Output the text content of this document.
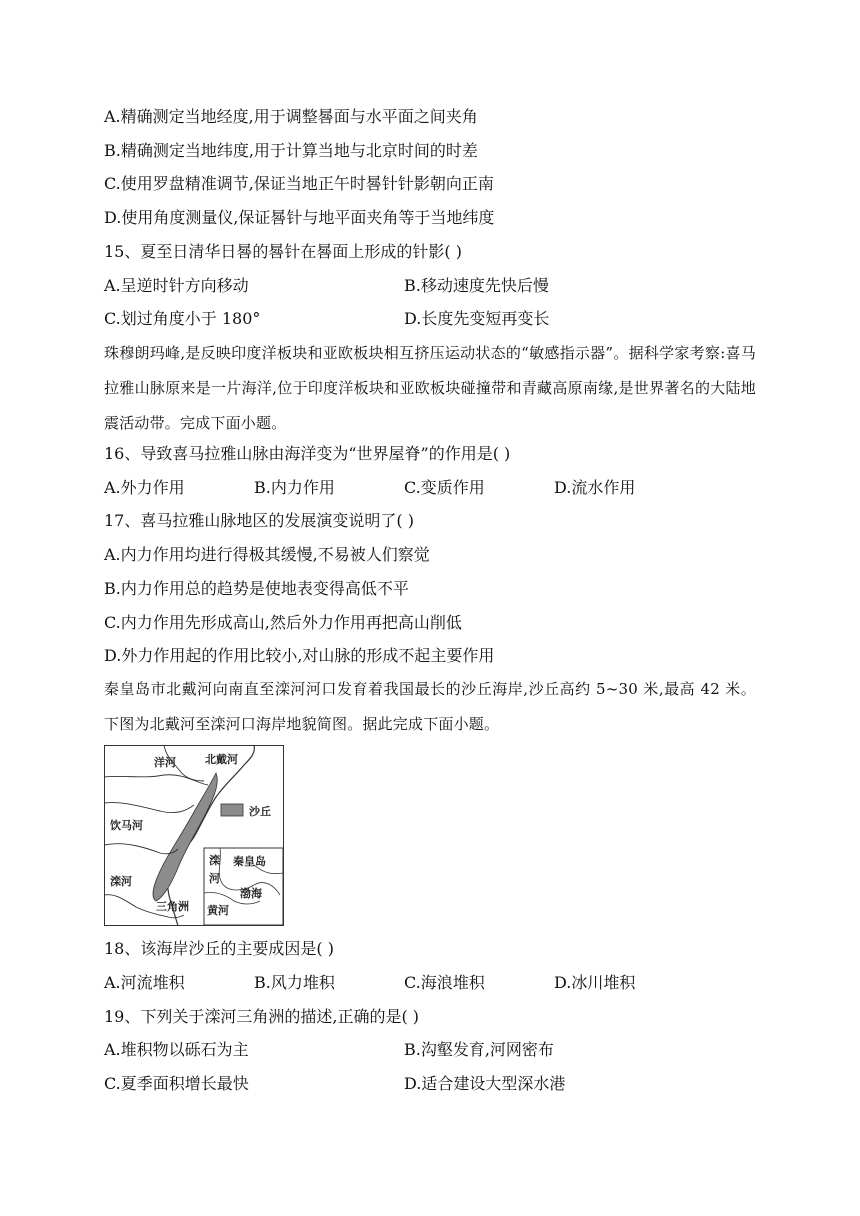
A.精确测定当地经度,用于调整晷面与水平面之间夹角
B.精确测定当地纬度,用于计算当地与北京时间的时差
C.使用罗盘精准调节,保证当地正午时晷针针影朝向正南
D.使用角度测量仪,保证晷针与地平面夹角等于当地纬度
15、夏至日清华日晷的晷针在晷面上形成的针影( )
A.呈逆时针方向移动	B.移动速度先快后慢
C.划过角度小于 180°	D.长度先变短再变长
珠穆朗玛峰,是反映印度洋板块和亚欧板块相互挤压运动状态的“敏感指示器”。据科学家考察:喜马拉雅山脉原来是一片海洋,位于印度洋板块和亚欧板块碰撞带和青藏高原南缘,是世界著名的大陆地震活动带。完成下面小题。
16、导致喜马拉雅山脉由海洋变为“世界屋脊”的作用是( )
A.外力作用	B.内力作用	C.变质作用	D.流水作用
17、喜马拉雅山脉地区的发展演变说明了( )
A.内力作用均进行得极其缓慢,不易被人们察觉
B.内力作用总的趋势是使地表变得高低不平
C.内力作用先形成高山,然后外力作用再把高山削低
D.外力作用起的作用比较小,对山脉的形成不起主要作用
秦皇岛市北戴河向南直至滦河河口发育着我国最长的沙丘海岸,沙丘高约 5~30 米,最高 42 米。下图为北戴河至滦河口海岸地貌简图。据此完成下面小题。
沙丘
洋河	北戴河
饮马河
滦河
三角洲
滦
河
秦皇岛
渤海
黄河
18、该海岸沙丘的主要成因是( )
A.河流堆积	B.风力堆积	C.海浪堆积	D.冰川堆积
19、下列关于滦河三角洲的描述,正确的是( )
A.堆积物以砾石为主	B.沟壑发育,河网密布
C.夏季面积增长最快	D.适合建设大型深水港
